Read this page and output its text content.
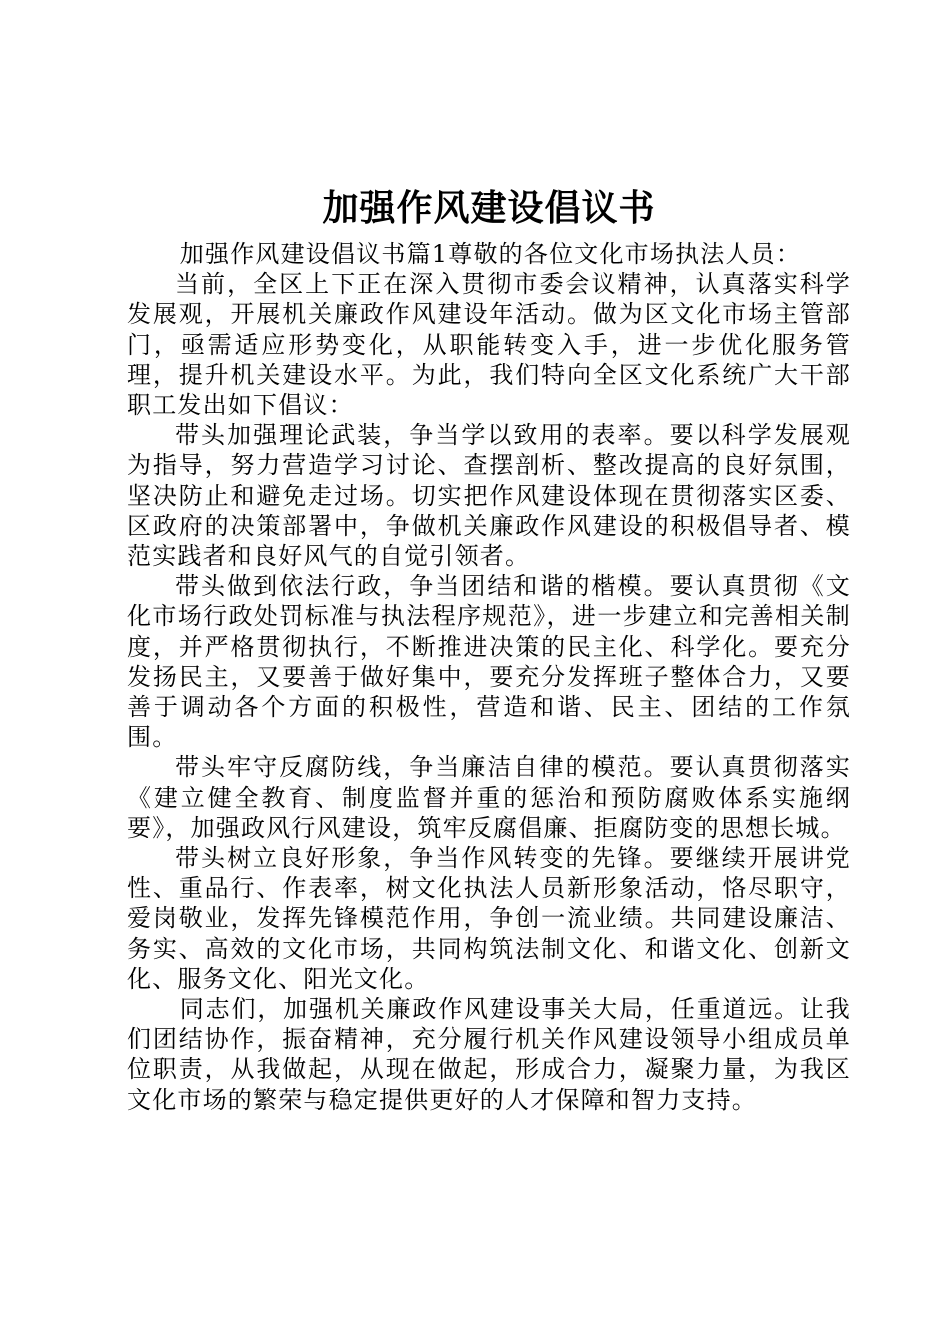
加强作风建设倡议书

加强作风建设倡议书篇1尊敬的各位文化市场执法人员：

当前，全区上下正在深入贯彻市委会议精神，认真落实科学发展观，开展机关廉政作风建设年活动。做为区文化市场主管部门，亟需适应形势变化，从职能转变入手，进一步优化服务管理，提升机关建设水平。为此，我们特向全区文化系统广大干部职工发出如下倡议：

带头加强理论武装，争当学以致用的表率。要以科学发展观为指导，努力营造学习讨论、查摆剖析、整改提高的良好氛围，坚决防止和避免走过场。切实把作风建设体现在贯彻落实区委、区政府的决策部署中，争做机关廉政作风建设的积极倡导者、模范实践者和良好风气的自觉引领者。

带头做到依法行政，争当团结和谐的楷模。要认真贯彻《文化市场行政处罚标准与执法程序规范》，进一步建立和完善相关制度，并严格贯彻执行，不断推进决策的民主化、科学化。要充分发扬民主，又要善于做好集中，要充分发挥班子整体合力，又要善于调动各个方面的积极性，营造和谐、民主、团结的工作氛围。

带头牢守反腐防线，争当廉洁自律的模范。要认真贯彻落实《建立健全教育、制度监督并重的惩治和预防腐败体系实施纲要》，加强政风行风建设，筑牢反腐倡廉、拒腐防变的思想长城。

带头树立良好形象，争当作风转变的先锋。要继续开展讲党性、重品行、作表率，树文化执法人员新形象活动，恪尽职守，爱岗敬业，发挥先锋模范作用，争创一流业绩。共同建设廉洁、务实、高效的文化市场，共同构筑法制文化、和谐文化、创新文化、服务文化、阳光文化。

同志们，加强机关廉政作风建设事关大局，任重道远。让我们团结协作，振奋精神，充分履行机关作风建设领导小组成员单位职责，从我做起，从现在做起，形成合力，凝聚力量，为我区文化市场的繁荣与稳定提供更好的人才保障和智力支持。
